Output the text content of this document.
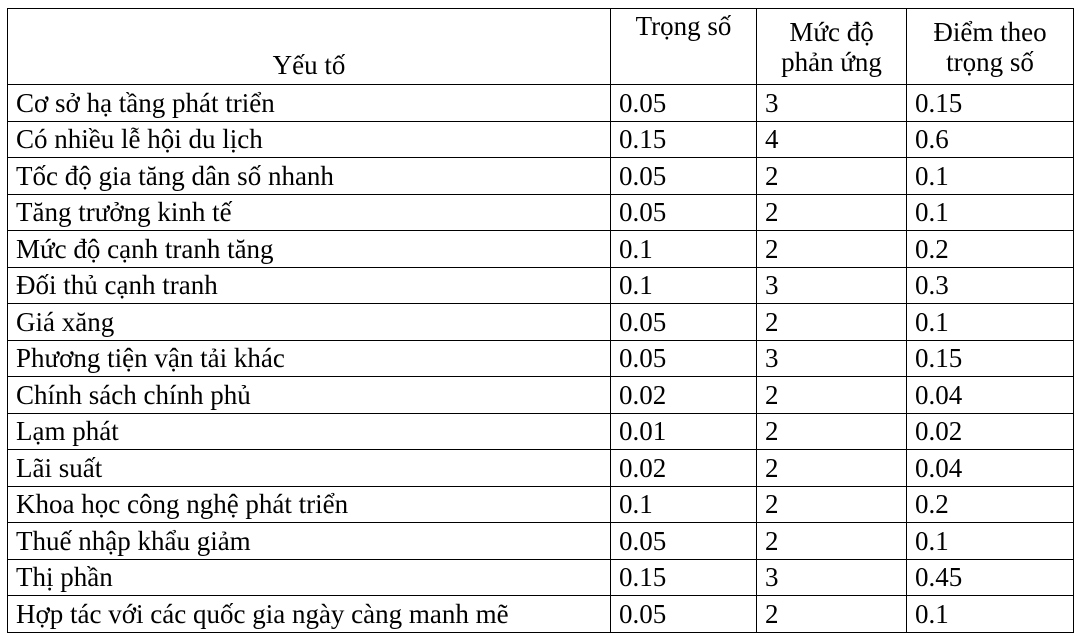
Yếu tố	Trọng số	Mức độ phản ứng	Điểm theo trọng số
Cơ sở hạ tầng phát triển	0.05	3	0.15
Có nhiều lễ hội du lịch	0.15	4	0.6
Tốc độ gia tăng dân số nhanh	0.05	2	0.1
Tăng trưởng kinh tế	0.05	2	0.1
Mức độ cạnh tranh tăng	0.1	2	0.2
Đối thủ cạnh tranh	0.1	3	0.3
Giá xăng	0.05	2	0.1
Phương tiện vận tải khác	0.05	3	0.15
Chính sách chính phủ	0.02	2	0.04
Lạm phát	0.01	2	0.02
Lãi suất	0.02	2	0.04
Khoa học công nghệ phát triển	0.1	2	0.2
Thuế nhập khẩu giảm	0.05	2	0.1
Thị phần	0.15	3	0.45
Hợp tác với các quốc gia ngày càng manh mẽ	0.05	2	0.1
